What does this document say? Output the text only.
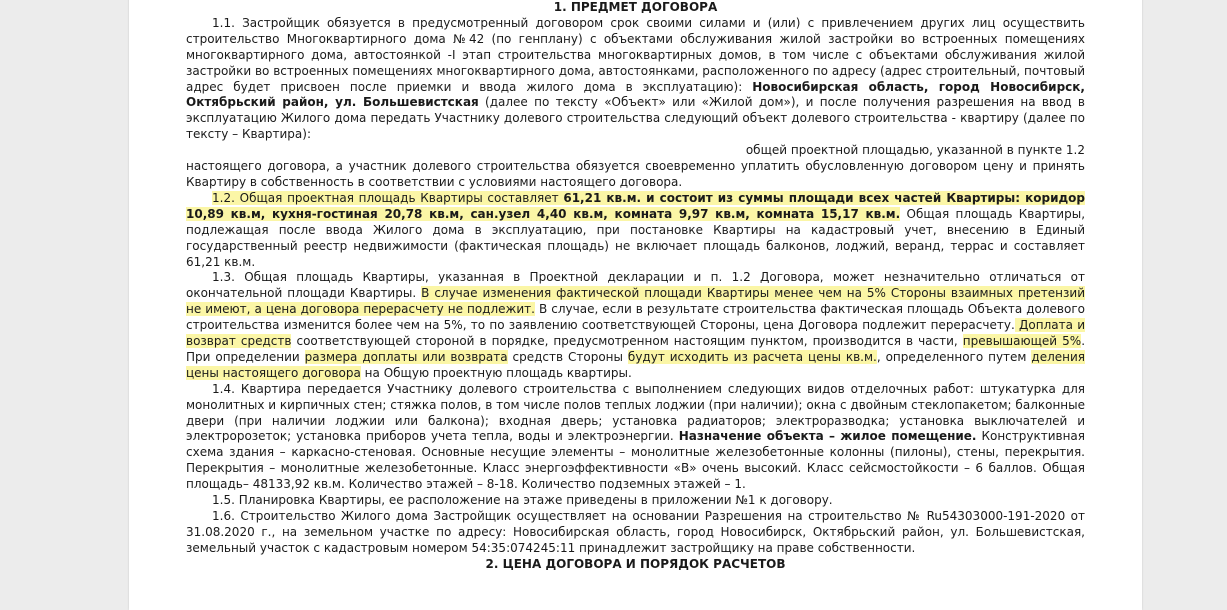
1. ПРЕДМЕТ ДОГОВОРА

1.1. Застройщик обязуется в предусмотренный договором срок своими силами и (или) с привлечением других лиц осуществить строительство Многоквартирного дома №42 (по генплану) с объектами обслуживания жилой застройки во встроенных помещениях многоквартирного дома, автостоянкой -I этап строительства многоквартирных домов, в том числе с объектами обслуживания жилой застройки во встроенных помещениях многоквартирного дома, автостоянками, расположенного по адресу (адрес строительный, почтовый адрес будет присвоен после приемки и ввода жилого дома в эксплуатацию): Новосибирская область, город Новосибирск, Октябрьский район, ул. Большевистская (далее по тексту «Объект» или «Жилой дом»), и после получения разрешения на ввод в эксплуатацию Жилого дома передать Участнику долевого строительства следующий объект долевого строительства - квартиру (далее по тексту – Квартира):

общей проектной площадью, указанной в пункте 1.2

настоящего договора, а участник долевого строительства обязуется своевременно уплатить обусловленную договором цену и принять Квартиру в собственность в соответствии с условиями настоящего договора.

1.2. Общая проектная площадь Квартиры составляет 61,21 кв.м. и состоит из суммы площади всех частей Квартиры: коридор 10,89 кв.м, кухня-гостиная 20,78 кв.м, сан.узел 4,40 кв.м, комната 9,97 кв.м, комната 15,17 кв.м. Общая площадь Квартиры, подлежащая после ввода Жилого дома в эксплуатацию, при постановке Квартиры на кадастровый учет, внесению в Единый государственный реестр недвижимости (фактическая площадь) не включает площадь балконов, лоджий, веранд, террас и составляет 61,21 кв.м.

1.3. Общая площадь Квартиры, указанная в Проектной декларации и п. 1.2 Договора, может незначительно отличаться от окончательной площади Квартиры. В случае изменения фактической площади Квартиры менее чем на 5% Стороны взаимных претензий не имеют, а цена договора перерасчету не подлежит. В случае, если в результате строительства фактическая площадь Объекта долевого строительства изменится более чем на 5%, то по заявлению соответствующей Стороны, цена Договора подлежит перерасчету. Доплата и возврат средств соответствующей стороной в порядке, предусмотренном настоящим пунктом, производится в части, превышающей 5%. При определении размера доплаты или возврата средств Стороны будут исходить из расчета цены кв.м., определенного путем деления цены настоящего договора на Общую проектную площадь квартиры.

1.4. Квартира передается Участнику долевого строительства с выполнением следующих видов отделочных работ: штукатурка для монолитных и кирпичных стен; стяжка полов, в том числе полов теплых лоджии (при наличии); окна с двойным стеклопакетом; балконные двери (при наличии лоджии или балкона); входная дверь; установка радиаторов; электроразводка; установка выключателей и электророзеток; установка приборов учета тепла, воды и электроэнергии. Назначение объекта – жилое помещение. Конструктивная схема здания – каркасно-стеновая. Основные несущие элементы – монолитные железобетонные колонны (пилоны), стены, перекрытия. Перекрытия – монолитные железобетонные. Класс энергоэффективности «В» очень высокий. Класс сейсмостойкости – 6 баллов. Общая площадь– 48133,92 кв.м. Количество этажей – 8-18. Количество подземных этажей – 1.

1.5. Планировка Квартиры, ее расположение на этаже приведены в приложении №1 к договору.

1.6. Строительство Жилого дома Застройщик осуществляет на основании Разрешения на строительство № Ru54303000-191-2020 от 31.08.2020 г., на земельном участке по адресу: Новосибирская область, город Новосибирск, Октябрьский район, ул. Большевистская, земельный участок с кадастровым номером 54:35:074245:11 принадлежит застройщику на праве собственности.

2. ЦЕНА ДОГОВОРА И ПОРЯДОК РАСЧЕТОВ
